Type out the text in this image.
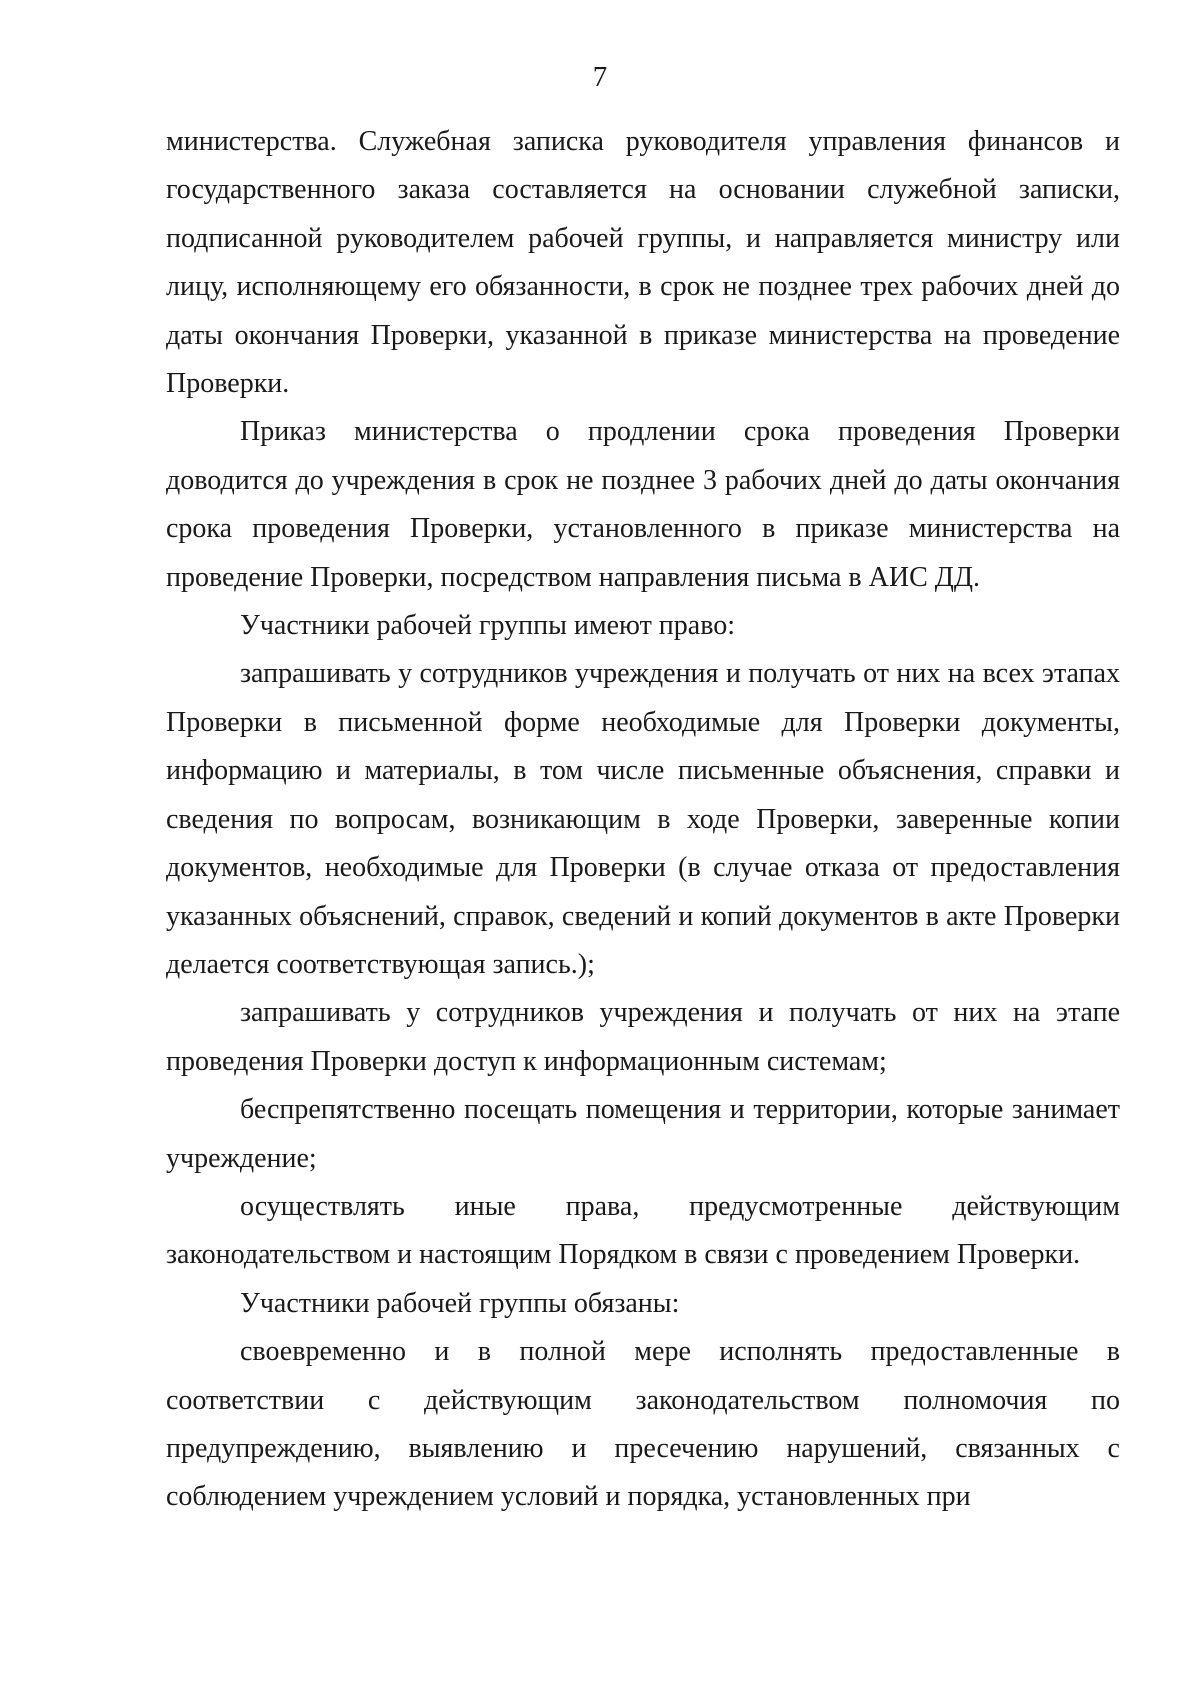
7

министерства. Служебная записка руководителя управления финансов и государственного заказа составляется на основании служебной записки, подписанной руководителем рабочей группы, и направляется министру или лицу, исполняющему его обязанности, в срок не позднее трех рабочих дней до даты окончания Проверки, указанной в приказе министерства на проведение Проверки.

Приказ министерства о продлении срока проведения Проверки доводится до учреждения в срок не позднее 3 рабочих дней до даты окончания срока проведения Проверки, установленного в приказе министерства на проведение Проверки, посредством направления письма в АИС ДД.

Участники рабочей группы имеют право:

запрашивать у сотрудников учреждения и получать от них на всех этапах Проверки в письменной форме необходимые для Проверки документы, информацию и материалы, в том числе письменные объяснения, справки и сведения по вопросам, возникающим в ходе Проверки, заверенные копии документов, необходимые для Проверки (в случае отказа от предоставления указанных объяснений, справок, сведений и копий документов в акте Проверки делается соответствующая запись.);

запрашивать у сотрудников учреждения и получать от них на этапе проведения Проверки доступ к информационным системам;

беспрепятственно посещать помещения и территории, которые занимает учреждение;

осуществлять иные права, предусмотренные действующим законодательством и настоящим Порядком в связи с проведением Проверки.

Участники рабочей группы обязаны:

своевременно и в полной мере исполнять предоставленные в соответствии с действующим законодательством полномочия по предупреждению, выявлению и пресечению нарушений, связанных с соблюдением учреждением условий и порядка, установленных при
